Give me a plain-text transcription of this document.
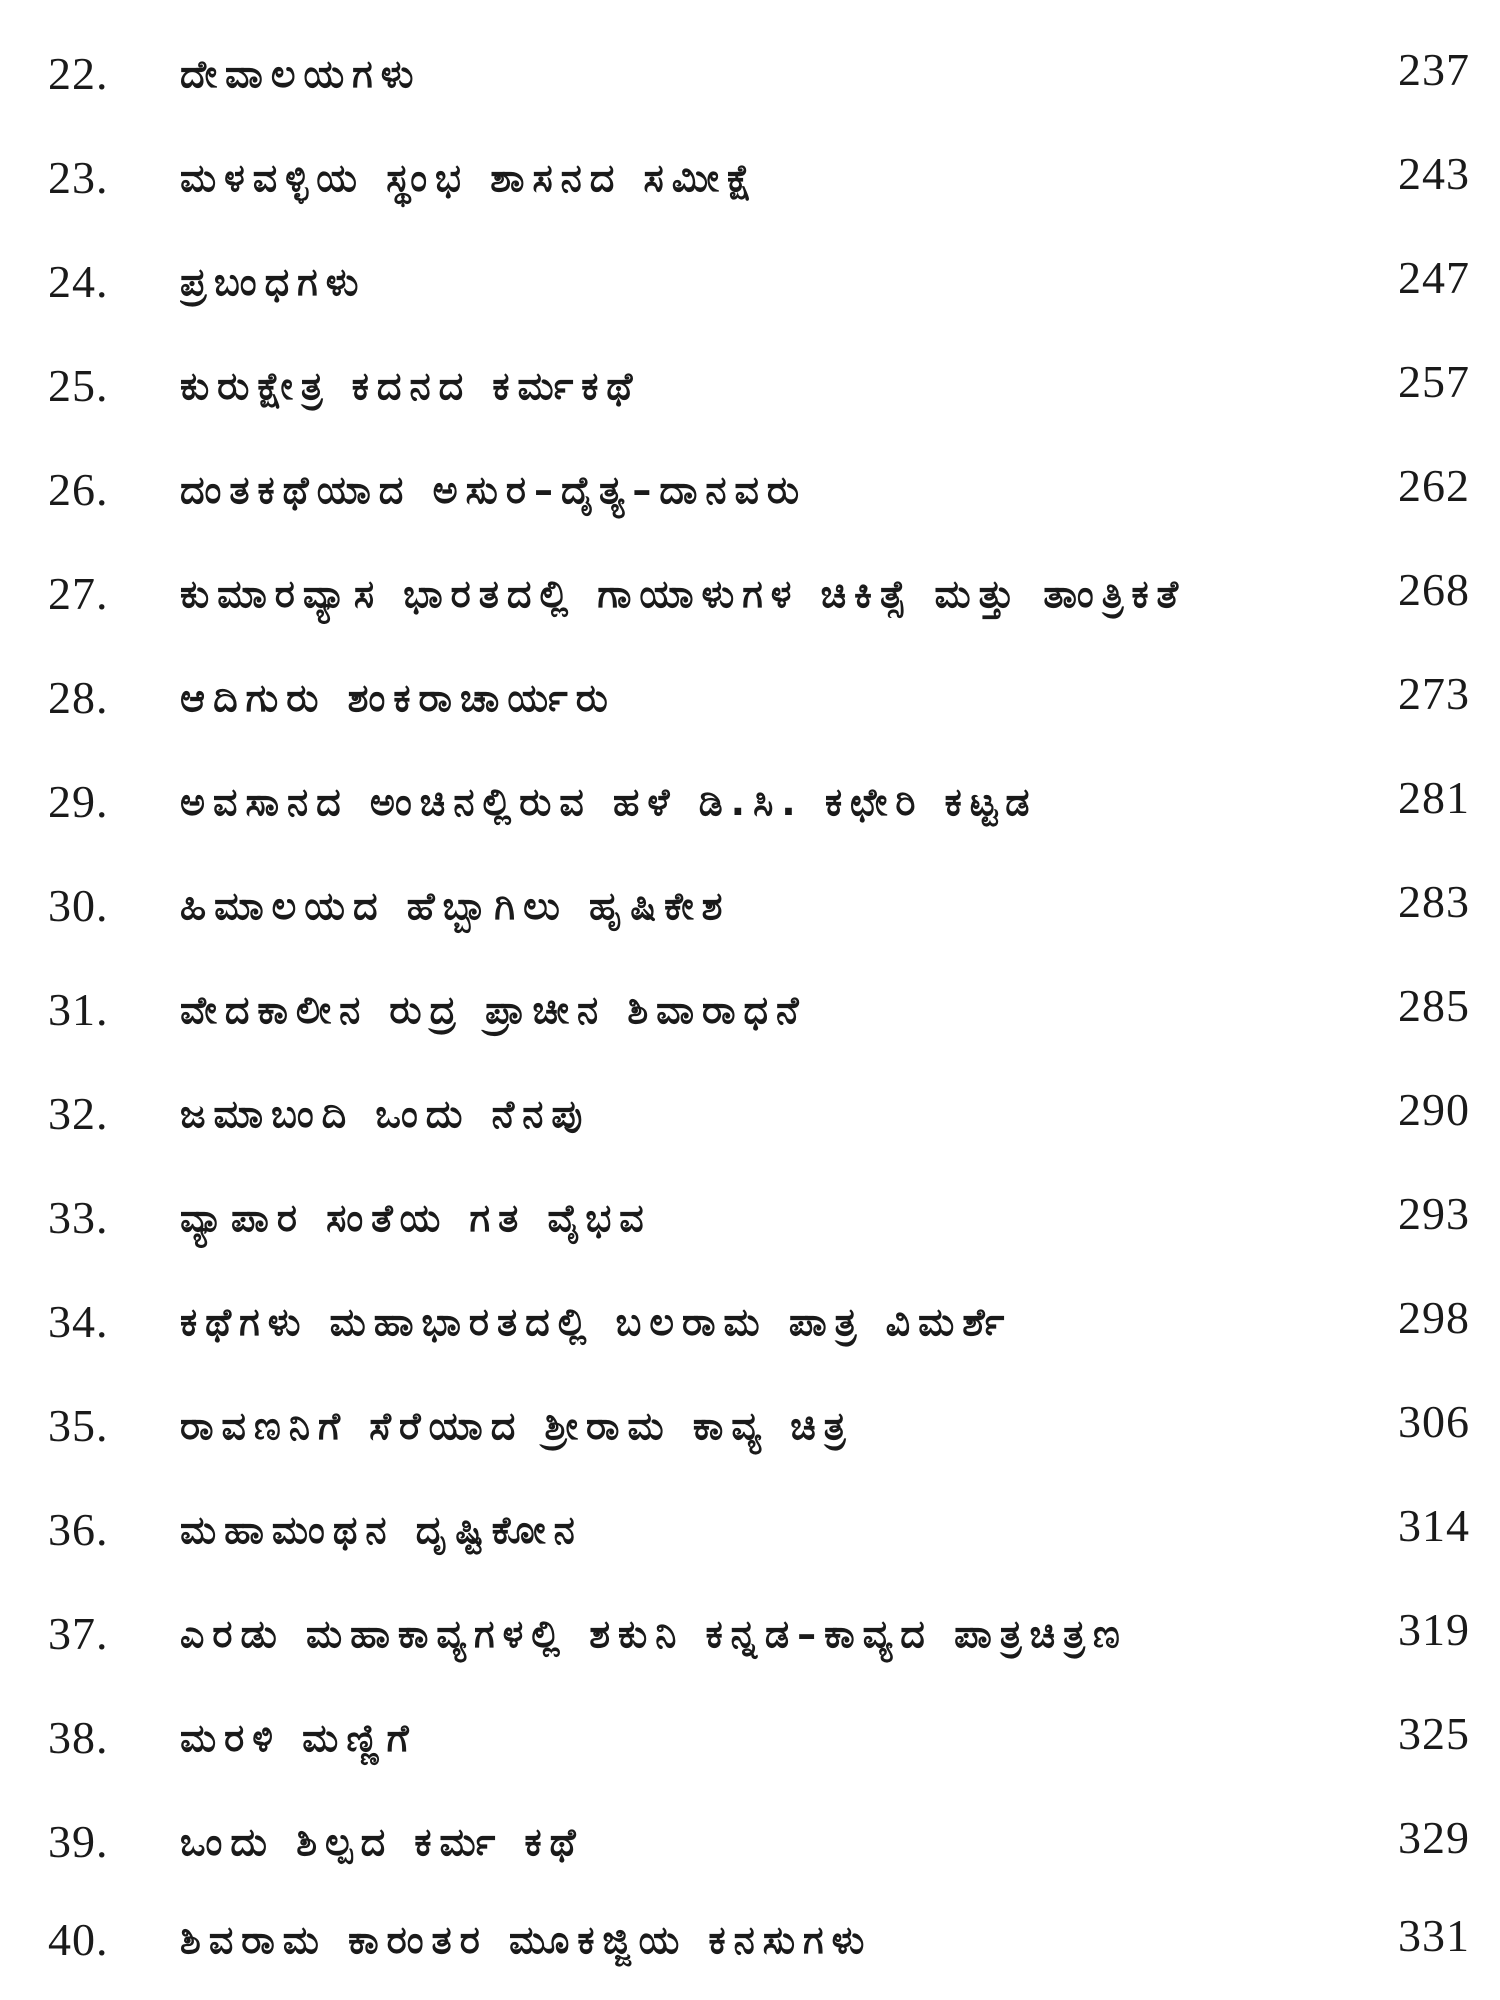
22. ದೇವಾಲಯಗಳು	237
23. ಮಳವಳ್ಳಿಯ ಸ್ಥಂಭ ಶಾಸನದ ಸಮೀಕ್ಷೆ	243
24. ಪ್ರಬಂಧಗಳು	247
25. ಕುರುಕ್ಷೇತ್ರ ಕದನದ ಕರ್ಮಕಥೆ	257
26. ದಂತಕಥೆಯಾದ ಅಸುರ–ದೈತ್ಯ–ದಾನವರು	262
27. ಕುಮಾರವ್ಯಾಸ ಭಾರತದಲ್ಲಿ ಗಾಯಾಳುಗಳ ಚಿಕಿತ್ಸೆ ಮತ್ತು ತಾಂತ್ರಿಕತೆ	268
28. ಆದಿಗುರು ಶಂಕರಾಚಾರ್ಯರು	273
29. ಅವಸಾನದ ಅಂಚಿನಲ್ಲಿರುವ ಹಳೆ ಡಿ.ಸಿ. ಕಛೇರಿ ಕಟ್ಟಡ	281
30. ಹಿಮಾಲಯದ ಹೆಬ್ಬಾಗಿಲು ಹೃಷಿಕೇಶ	283
31. ವೇದಕಾಲೀನ ರುದ್ರ ಪ್ರಾಚೀನ ಶಿವಾರಾಧನೆ	285
32. ಜಮಾಬಂದಿ ಒಂದು ನೆನಪು	290
33. ವ್ಯಾಪಾರ ಸಂತೆಯ ಗತ ವೈಭವ	293
34. ಕಥೆಗಳು ಮಹಾಭಾರತದಲ್ಲಿ ಬಲರಾಮ ಪಾತ್ರ ವಿಮರ್ಶೆ	298
35. ರಾವಣನಿಗೆ ಸೆರೆಯಾದ ಶ್ರೀರಾಮ ಕಾವ್ಯ ಚಿತ್ರ	306
36. ಮಹಾಮಂಥನ ದೃಷ್ಟಿಕೋನ	314
37. ಎರಡು ಮಹಾಕಾವ್ಯಗಳಲ್ಲಿ ಶಕುನಿ ಕನ್ನಡ–ಕಾವ್ಯದ ಪಾತ್ರಚಿತ್ರಣ	319
38. ಮರಳಿ ಮಣ್ಣಿಗೆ	325
39. ಒಂದು ಶಿಲ್ಪದ ಕರ್ಮ ಕಥೆ	329
40. ಶಿವರಾಮ ಕಾರಂತರ ಮೂಕಜ್ಜಿಯ ಕನಸುಗಳು	331
